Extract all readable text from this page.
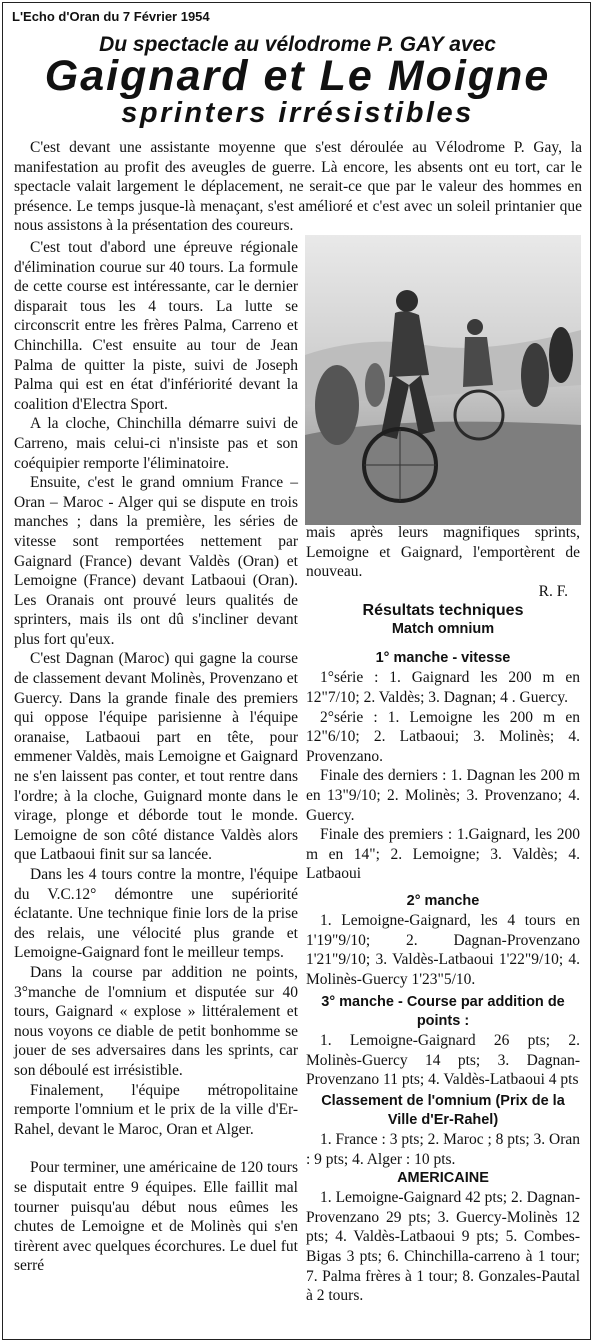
L'Echo d'Oran du 7 Février 1954
Du spectacle au vélodrome P. GAY avec
Gaignard et Le Moigne
sprinters irrésistibles

C'est devant une assistante moyenne que s'est déroulée au Vélodrome P. Gay, la manifestation au profit des aveugles de guerre. Là encore, les absents ont eu tort, car le spectacle valait largement le déplacement, ne serait-ce que par le valeur des hommes en présence. Le temps jusque-là menaçant, s'est amélioré et c'est avec un soleil printanier que nous assistons à la présentation des coureurs.

C'est tout d'abord une épreuve régionale d'élimination courue sur 40 tours. La formule de cette course est intéressante, car le dernier disparait tous les 4 tours. La lutte se circonscrit entre les frères Palma, Carreno et Chinchilla. C'est ensuite au tour de Jean Palma de quitter la piste, suivi de Joseph Palma qui est en état d'infériorité devant la coalition d'Electra Sport.

A la cloche, Chinchilla démarre suivi de Carreno, mais celui-ci n'insiste pas et son coéquipier remporte l'éliminatoire.

Ensuite, c'est le grand omnium France – Oran – Maroc - Alger qui se dispute en trois manches ; dans la première, les séries de vitesse sont remportées nettement par Gaignard (France) devant Valdès (Oran) et Lemoigne (France) devant Latbaoui (Oran). Les Oranais ont prouvé leurs qualités de sprinters, mais ils ont dû s'incliner devant plus fort qu'eux.

C'est Dagnan (Maroc) qui gagne la course de classement devant Molinès, Provenzano et Guercy. Dans la grande finale des premiers qui oppose l'équipe parisienne à l'équipe oranaise, Latbaoui part en tête, pour emmener Valdès, mais Lemoigne et Gaignard ne s'en laissent pas conter, et tout rentre dans l'ordre; à la cloche, Guignard monte dans le virage, plonge et déborde tout le monde. Lemoigne de son côté distance Valdès alors que Latbaoui finit sur sa lancée.

Dans les 4 tours contre la montre, l'équipe du V.C.12° démontre une supériorité éclatante. Une technique finie lors de la prise des relais, une vélocité plus grande et Lemoigne-Gaignard font le meilleur temps.

Dans la course par addition ne points, 3°manche de l'omnium et disputée sur 40 tours, Gaignard « explose » littéralement et nous voyons ce diable de petit bonhomme se jouer de ses adversaires dans les sprints, car son déboulé est irrésistible.

Finalement, l'équipe métropolitaine remporte l'omnium et le prix de la ville d'Er-Rahel, devant le Maroc, Oran et Alger.

Pour terminer, une américaine de 120 tours se disputait entre 9 équipes. Elle faillit mal tourner puisqu'au début nous eûmes les chutes de Lemoigne et de Molinès qui s'en tirèrent avec quelques écorchures. Le duel fut serré

mais après leurs magnifiques sprints, Lemoigne et Gaignard, l'emportèrent de nouveau.

R. F.

Résultats techniques

Match omnium

1° manche - vitesse

1°série : 1. Gaignard les 200 m en 12"7/10; 2. Valdès; 3. Dagnan; 4 . Guercy.

2°série : 1. Lemoigne les 200 m en 12"6/10; 2. Latbaoui; 3. Molinès; 4. Provenzano.

Finale des derniers : 1. Dagnan les 200 m en 13"9/10; 2. Molinès; 3. Provenzano; 4. Guercy.

Finale des premiers : 1.Gaignard, les 200 m en 14"; 2. Lemoigne; 3. Valdès; 4. Latbaoui

2° manche

1. Lemoigne-Gaignard, les 4 tours en 1'19"9/10; 2. Dagnan-Provenzano 1'21"9/10; 3. Valdès-Latbaoui 1'22"9/10; 4. Molinès-Guercy 1'23"5/10.

3° manche - Course par addition de points :

1. Lemoigne-Gaignard 26 pts; 2. Molinès-Guercy 14 pts; 3. Dagnan-Provenzano 11 pts; 4. Valdès-Latbaoui 4 pts

Classement de l'omnium (Prix de la Ville d'Er-Rahel)

1. France : 3 pts; 2. Maroc ; 8 pts; 3. Oran : 9 pts; 4. Alger : 10 pts.

AMERICAINE

1. Lemoigne-Gaignard 42 pts; 2. Dagnan-Provenzano 29 pts; 3. Guercy-Molinès 12 pts; 4. Valdès-Latbaoui 9 pts; 5. Combes-Bigas 3 pts; 6. Chinchilla-carreno à 1 tour; 7. Palma frères à 1 tour; 8. Gonzales-Pautal à 2 tours.
